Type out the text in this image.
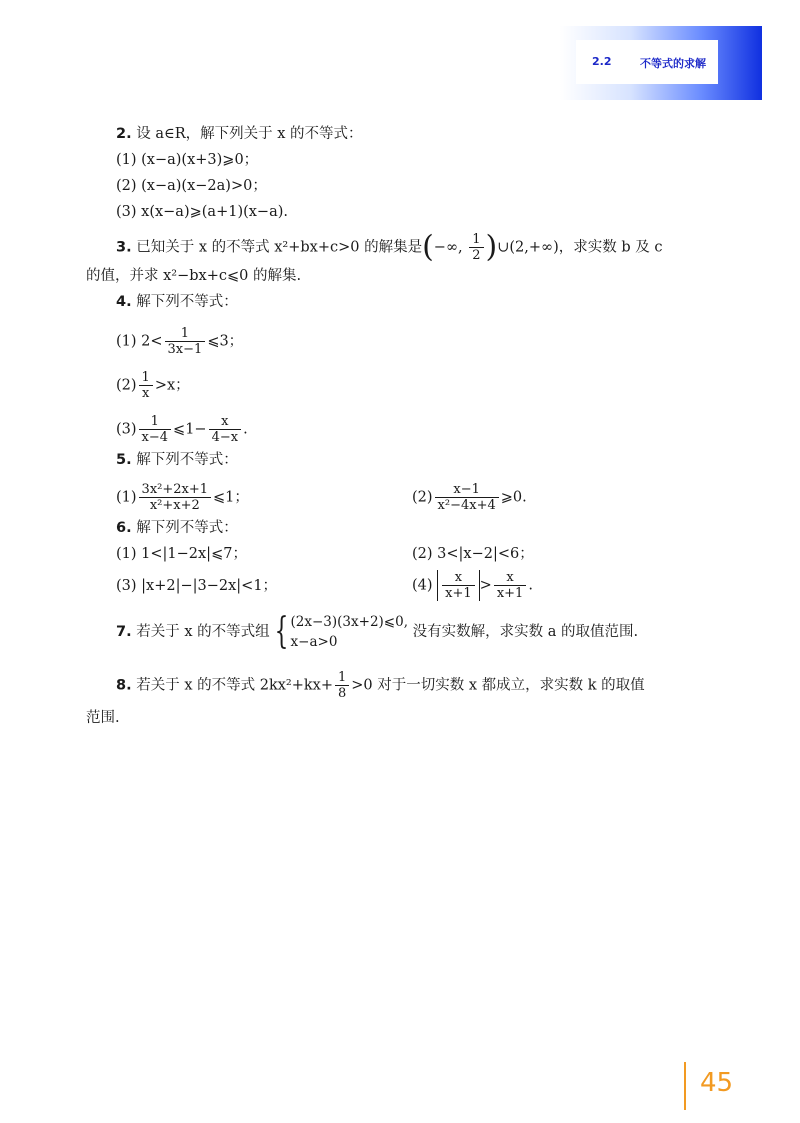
2.2	不等式的求解
2. 设 a∈R，解下列关于 x 的不等式：
(1) (x−a)(x+3)⩾0；
(2) (x−a)(x−2a)>0；
(3) x(x−a)⩾(a+1)(x−a).
3. 已知关于 x 的不等式 x²+bx+c>0 的解集是(−∞, $\frac{1}{2}$ )∪(2,+∞)，求实数 b 及 c
的值，并求 x²−bx+c⩽0 的解集.
4. 解下列不等式：
(1) $2< \frac{1}{3x-1}$ ⩽3；
$(2) \frac{1}{x} >x$；
$(3) \frac{1}{x-4}$ ⩽1− $\frac{x}{4-x}$ .
5. 解下列不等式：
$(1) \frac{\text{3x²+2x+1}}{\text{x²+x+2}}$ ⩽1；	$(2) \frac{x-1}{\text{x²−4x+4}}$ ⩾0.
6. 解下列不等式：
(1) 1<|1−2x|⩽7；	(2) 3<|x−2|<6；
(3) |x+2|−|3−2x|<1；	$(4) \frac{x}{x+1} > \frac{x}{x+1}$ .
7. 若关于 x 的不等式组 { (2x−3)(3x+2)⩽0,
x−a>0
没有实数解，求实数 a 的取值范围.
8. 若关于 x 的不等式 $2kx^2+kx+ \frac{1}{8} >0$ 对于一切实数 x 都成立，求实数 k 的取值
范围.
45
